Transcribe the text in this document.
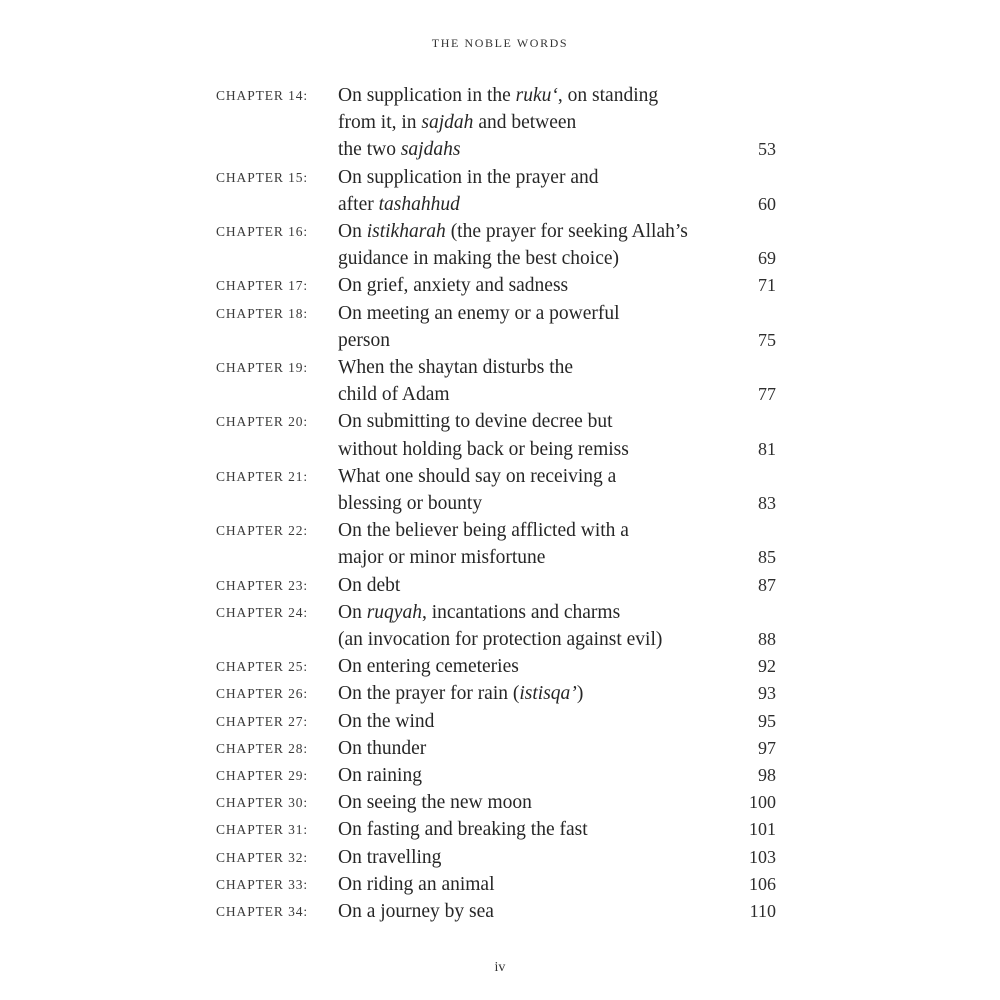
THE NOBLE WORDS
CHAPTER 14:	On supplication in the ruku‘, on standing
from it, in sajdah and between
the two sajdahs	53
CHAPTER 15:	On supplication in the prayer and
after tashahhud	60
CHAPTER 16:	On istikharah (the prayer for seeking Allah’s
guidance in making the best choice)	69
CHAPTER 17:	On grief, anxiety and sadness	71
CHAPTER 18:	On meeting an enemy or a powerful
person	75
CHAPTER 19:	When the shaytan disturbs the
child of Adam	77
CHAPTER 20:	On submitting to devine decree but
without holding back or being remiss	81
CHAPTER 21:	What one should say on receiving a
blessing or bounty	83
CHAPTER 22:	On the believer being afflicted with a
major or minor misfortune	85
CHAPTER 23:	On debt	87
CHAPTER 24:	On ruqyah, incantations and charms
(an invocation for protection against evil)	88
CHAPTER 25:	On entering cemeteries	92
CHAPTER 26:	On the prayer for rain (istisqa’)	93
CHAPTER 27:	On the wind	95
CHAPTER 28:	On thunder	97
CHAPTER 29:	On raining	98
CHAPTER 30:	On seeing the new moon	100
CHAPTER 31:	On fasting and breaking the fast	101
CHAPTER 32:	On travelling	103
CHAPTER 33:	On riding an animal	106
CHAPTER 34:	On a journey by sea	110
iv
